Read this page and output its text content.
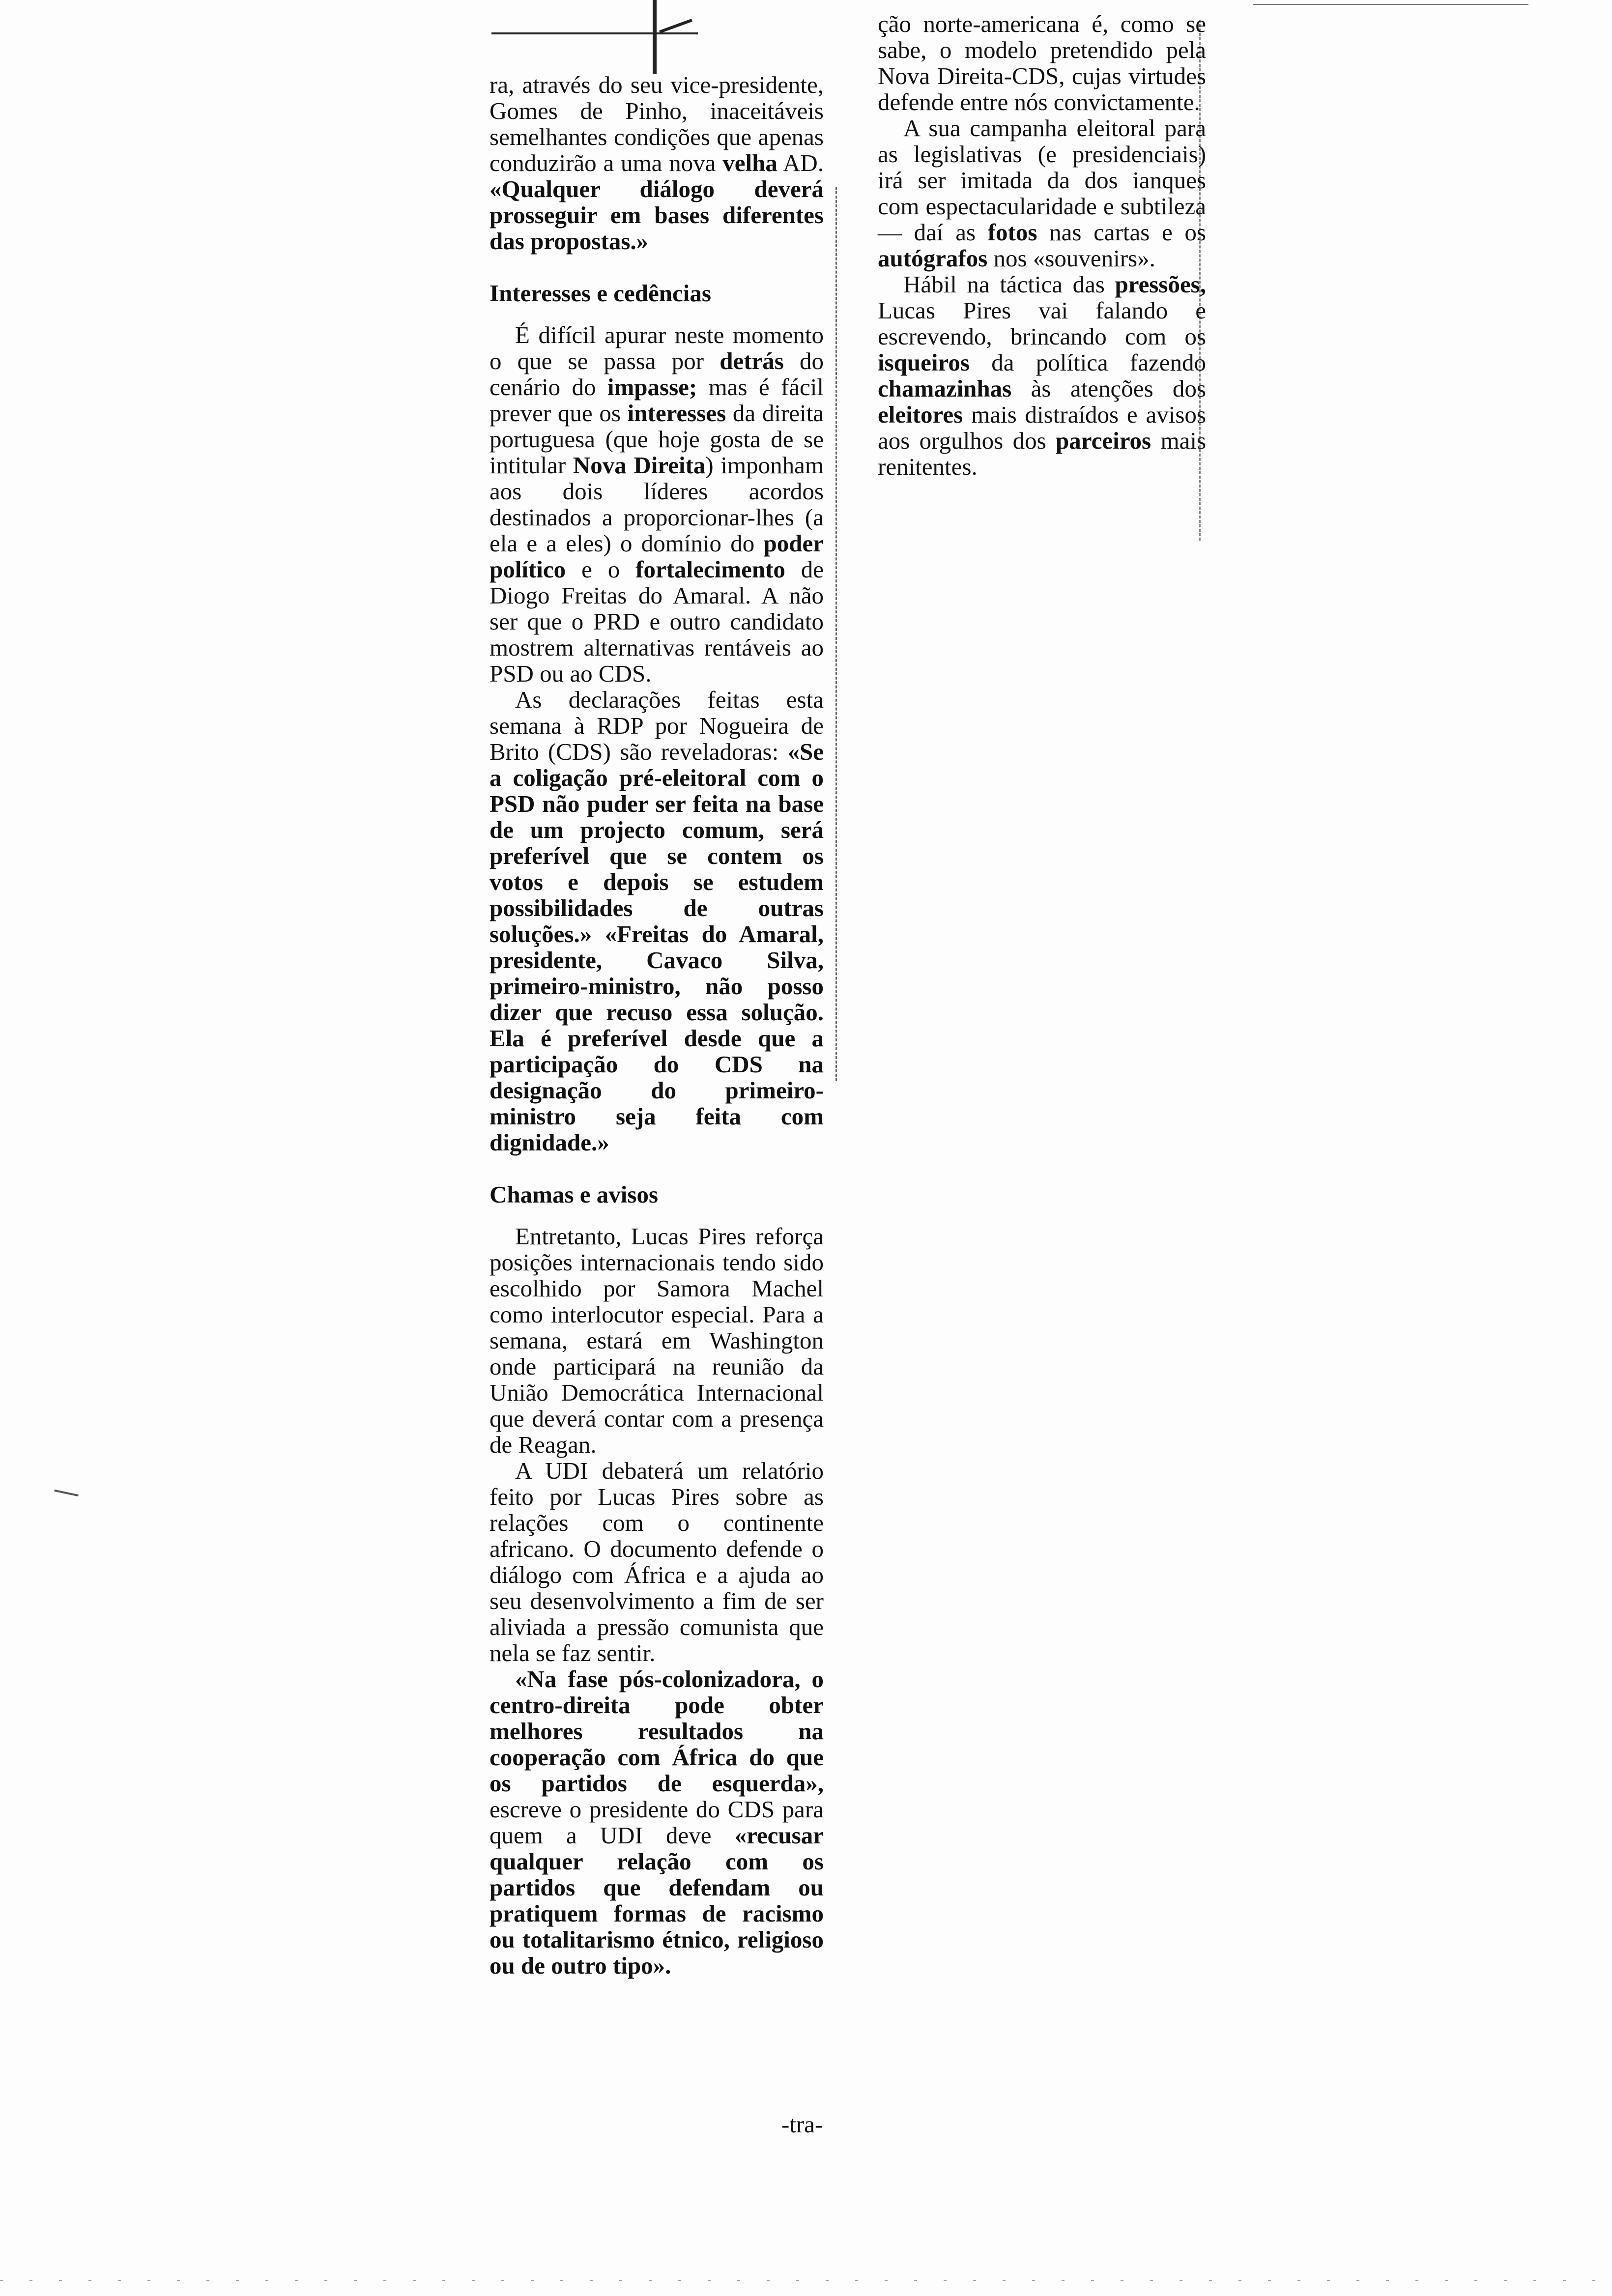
ra, através do seu vice-presidente, Gomes de Pinho, inaceitáveis semelhantes condições que apenas conduzirão a uma nova velha AD. «Qualquer diálogo deverá prosseguir em bases diferentes das propostas.»

Interesses e cedências

É difícil apurar neste momento o que se passa por detrás do cenário do impasse; mas é fácil prever que os interesses da direita portuguesa (que hoje gosta de se intitular Nova Direita) imponham aos dois líderes acordos destinados a proporcionar-lhes (a ela e a eles) o domínio do poder político e o fortalecimento de Diogo Freitas do Amaral. A não ser que o PRD e outro candidato mostrem alternativas rentáveis ao PSD ou ao CDS.

As declarações feitas esta semana à RDP por Nogueira de Brito (CDS) são reveladoras: «Se a coligação pré-eleitoral com o PSD não puder ser feita na base de um projecto comum, será preferível que se contem os votos e depois se estudem possibilidades de outras soluções.» «Freitas do Amaral, presidente, Cavaco Silva, primeiro-ministro, não posso dizer que recuso essa solução. Ela é preferível desde que a participação do CDS na designação do primeiro-ministro seja feita com dignidade.»

Chamas e avisos

Entretanto, Lucas Pires reforça posições internacionais tendo sido escolhido por Samora Machel como interlocutor especial. Para a semana, estará em Washington onde participará na reunião da União Democrática Internacional que deverá contar com a presença de Reagan.

A UDI debaterá um relatório feito por Lucas Pires sobre as relações com o continente africano. O documento defende o diálogo com África e a ajuda ao seu desenvolvimento a fim de ser aliviada a pressão comunista que nela se faz sentir.

«Na fase pós-colonizadora, o centro-direita pode obter melhores resultados na cooperação com África do que os partidos de esquerda», escreve o presidente do CDS para quem a UDI deve «recusar qualquer relação com os partidos que defendam ou pratiquem formas de racismo ou totalitarismo étnico, religioso ou de outro tipo».

-tra-

ção norte-americana é, como se sabe, o modelo pretendido pela Nova Direita-CDS, cujas virtudes defende entre nós convictamente.

A sua campanha eleitoral para as legislativas (e presidenciais) irá ser imitada da dos ianques com espectacularidade e subtileza — daí as fotos nas cartas e os autógrafos nos «souvenirs».

Hábil na táctica das pressões, Lucas Pires vai falando e escrevendo, brincando com os isqueiros da política fazendo chamazinhas às atenções dos eleitores mais distraídos e avisos aos orgulhos dos parceiros mais renitentes.
